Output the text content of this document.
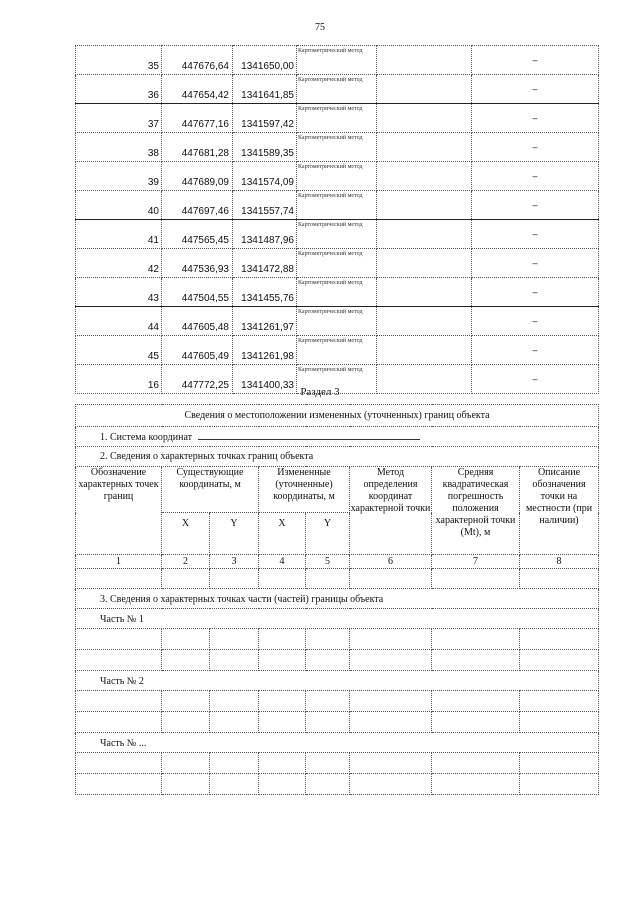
75
35	447676,64	1341650,00	Картометрический метод		–
36	447654,42	1341641,85	Картометрический метод		–
37	447677,16	1341597,42	Картометрический метод		–
38	447681,28	1341589,35	Картометрический метод		–
39	447689,09	1341574,09	Картометрический метод		–
40	447697,46	1341557,74	Картометрический метод		–
41	447565,45	1341487,96	Картометрический метод		–
42	447536,93	1341472,88	Картометрический метод		–
43	447504,55	1341455,76	Картометрический метод		–
44	447605,48	1341261,97	Картометрический метод		–
45	447605,49	1341261,98	Картометрический метод		–
16	447772,25	1341400,33	Картометрический метод		–
Раздел 3
Сведения о местоположении измененных (уточненных) границ объекта							
1. Система координат							
2. Сведения о характерных точках границ объекта							
Обозначение характерных точек границ	Существующие координаты, м		Измененные (уточненные) координаты, м		Метод определения координат характерной точки	Средняя квадратическая погрешность положения характерной точки (Mt), м	Описание обозначения точки на местности (при наличии)
	X	Y	X	Y			
1	2	3	4	5	6	7	8

3. Сведения о характерных точках части (частей) границы объекта							
Часть № 1							

Часть № 2							

Часть № ...							
